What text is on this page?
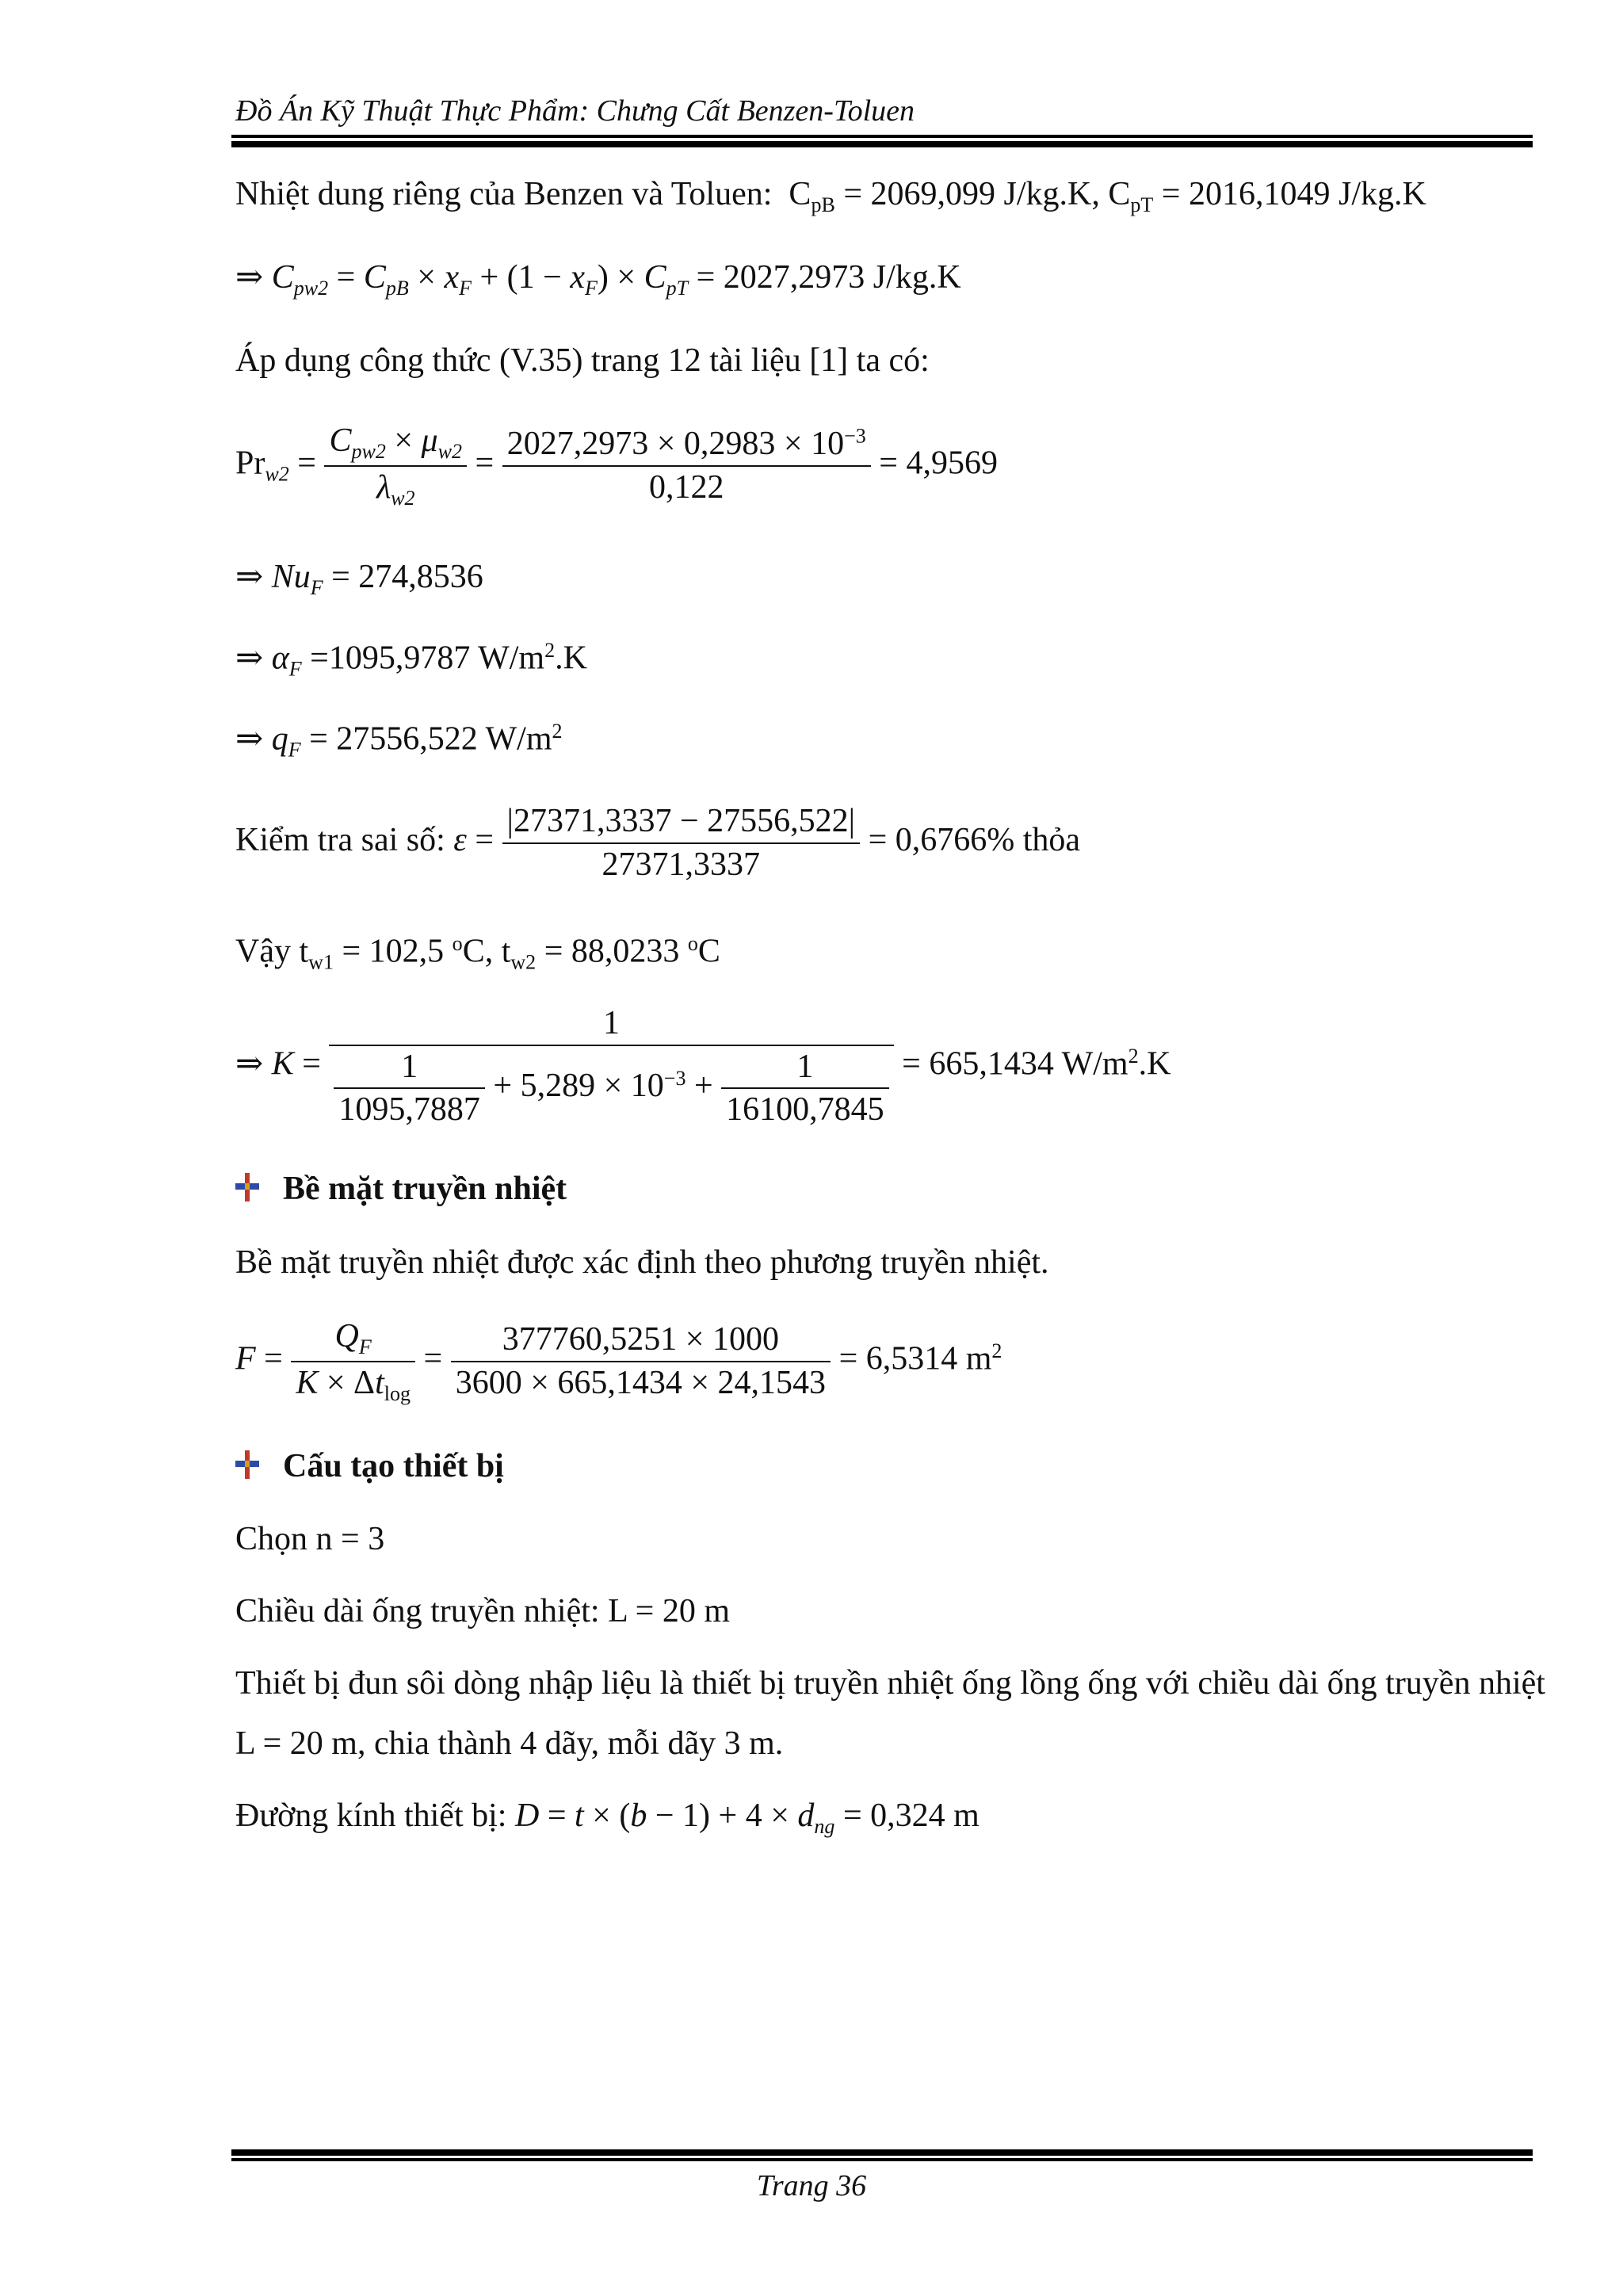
Đồ Án Kỹ Thuật Thực Phẩm: Chưng Cất Benzen-Toluen
Nhiệt dung riêng của Benzen và Toluen: $C_{pB} = 2069,099$ J/kg.K, $C_{pT} = 2016,1049$ J/kg.K
⇒ $C_{pw2} = C_{pB} \times x_F + (1 - x_F) \times C_{pT} = 2027,2973$ J/kg.K
Áp dụng công thức (V.35) trang 12 tài liệu [1] ta có:
$Pr_{w2} = \frac{C_{pw2} \times \mu_{w2}}{\lambda_{w2}} = \frac{2027,2973 \times 0,2983 \times 10^{-3}}{0,122} = 4,9569$
⇒ $Nu_F = 274,8536$
⇒ $\alpha_F =1095,9787$ $W/m^2.K$
⇒ $q_F = 27556,522$ $W/m^2$
Kiểm tra sai số: $\varepsilon = \frac{|27371,3337 - 27556,522|}{27371,3337} = 0,6766\%$ thỏa
Vậy $t_{w1} = 102,5$ $^o$C, $t_{w2} = 88,0233$ $^o$C
⇒ $K = \frac{1}{\frac{1}{1095,7887} + 5,289 \times 10^{-3} + \frac{1}{16100,7845}} = 665,1434$ $W/m^2.K$
Bề mặt truyền nhiệt
Bề mặt truyền nhiệt được xác định theo phương truyền nhiệt.
$F = \frac{Q_F}{K \times \Delta t_{log}} = \frac{377760,5251 \times 1000}{3600 \times 665,1434 \times 24,1543} = 6,5314$ $m^2$
Cấu tạo thiết bị
Chọn n = 3
Chiều dài ống truyền nhiệt: L = 20 m
Thiết bị đun sôi dòng nhập liệu là thiết bị truyền nhiệt ống lồng ống với chiều dài ống truyền nhiệt
L = 20 m, chia thành 4 dãy, mỗi dãy 3 m.
Đường kính thiết bị: $D = t \times (b - 1) + 4 \times d_{ng} = 0,324$ m
Trang 36
